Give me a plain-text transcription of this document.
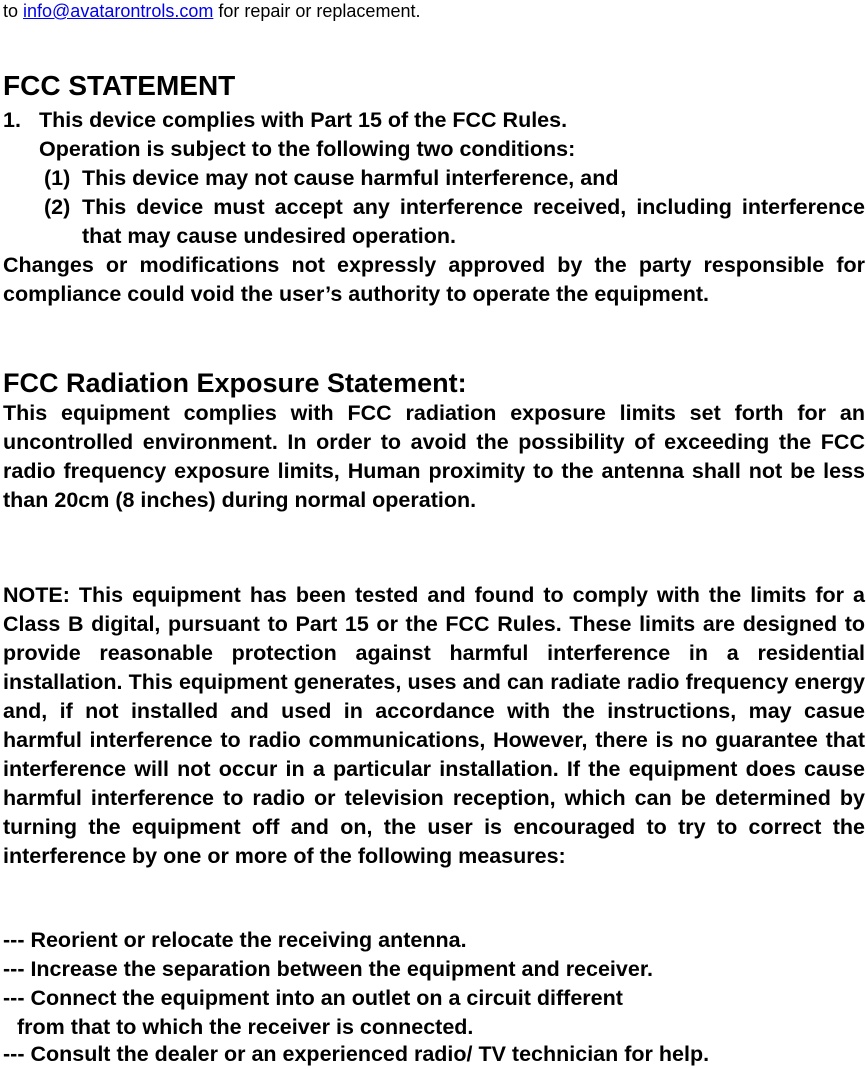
to info@avatarontrols.com for repair or replacement.
FCC STATEMENT
1. This device complies with Part 15 of the FCC Rules.
Operation is subject to the following two conditions:
(1) This device may not cause harmful interference, and
(2) This device must accept any interference received, including interference that may cause undesired operation.
Changes or modifications not expressly approved by the party responsible for compliance could void the user’s authority to operate the equipment.
FCC Radiation Exposure Statement:
This equipment complies with FCC radiation exposure limits set forth for an uncontrolled environment. In order to avoid the possibility of exceeding the FCC radio frequency exposure limits, Human proximity to the antenna shall not be less than 20cm (8 inches) during normal operation.
NOTE: This equipment has been tested and found to comply with the limits for a Class B digital, pursuant to Part 15 or the FCC Rules. These limits are designed to provide reasonable protection against harmful interference in a residential installation. This equipment generates, uses and can radiate radio frequency energy and, if not installed and used in accordance with the instructions, may casue harmful interference to radio communications, However, there is no guarantee that interference will not occur in a particular installation. If the equipment does cause harmful interference to radio or television reception, which can be determined by turning the equipment off and on, the user is encouraged to try to correct the interference by one or more of the following measures:
--- Reorient or relocate the receiving antenna.
--- Increase the separation between the equipment and receiver.
--- Connect the equipment into an outlet on a circuit different
from that to which the receiver is connected.
--- Consult the dealer or an experienced radio/ TV technician for help.
